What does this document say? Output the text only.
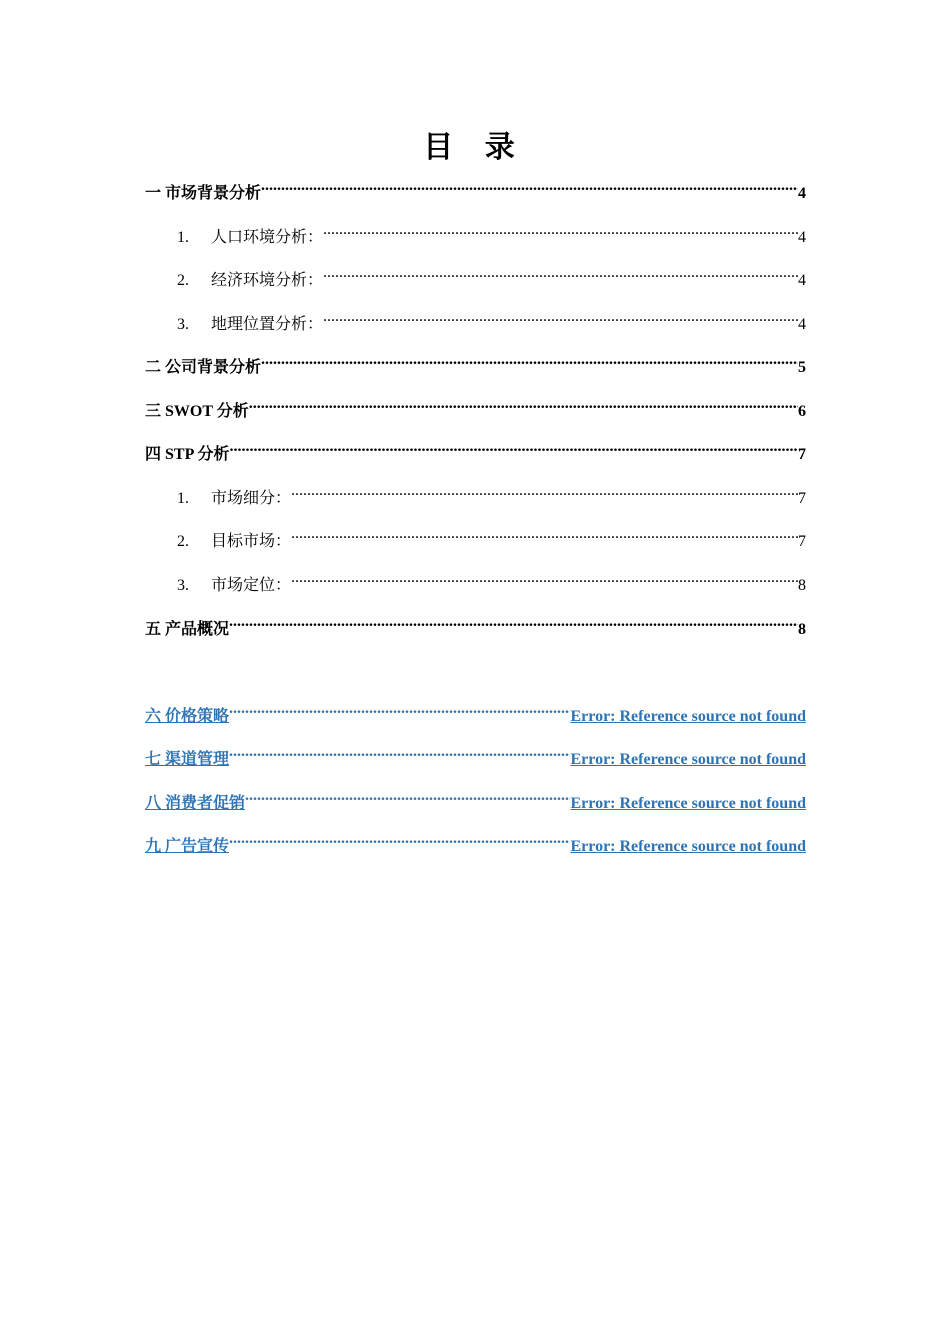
目 录
一 市场背景分析 .....	4
1.	人口环境分析： .....	4
2.	经济环境分析： .....	4
3.	地理位置分析： .....	4
二 公司背景分析 .....	5
三 SWOT 分析 .....	6
四 STP 分析 .....	7
1.	市场细分： .....	7
2.	目标市场： .....	7
3.	市场定位： .....	8
五 产品概况 .....	8
六 价格策略 .....	Error: Reference source not found
七 渠道管理 .....	Error: Reference source not found
八 消费者促销 .....	Error: Reference source not found
九 广告宣传 .....	Error: Reference source not found
